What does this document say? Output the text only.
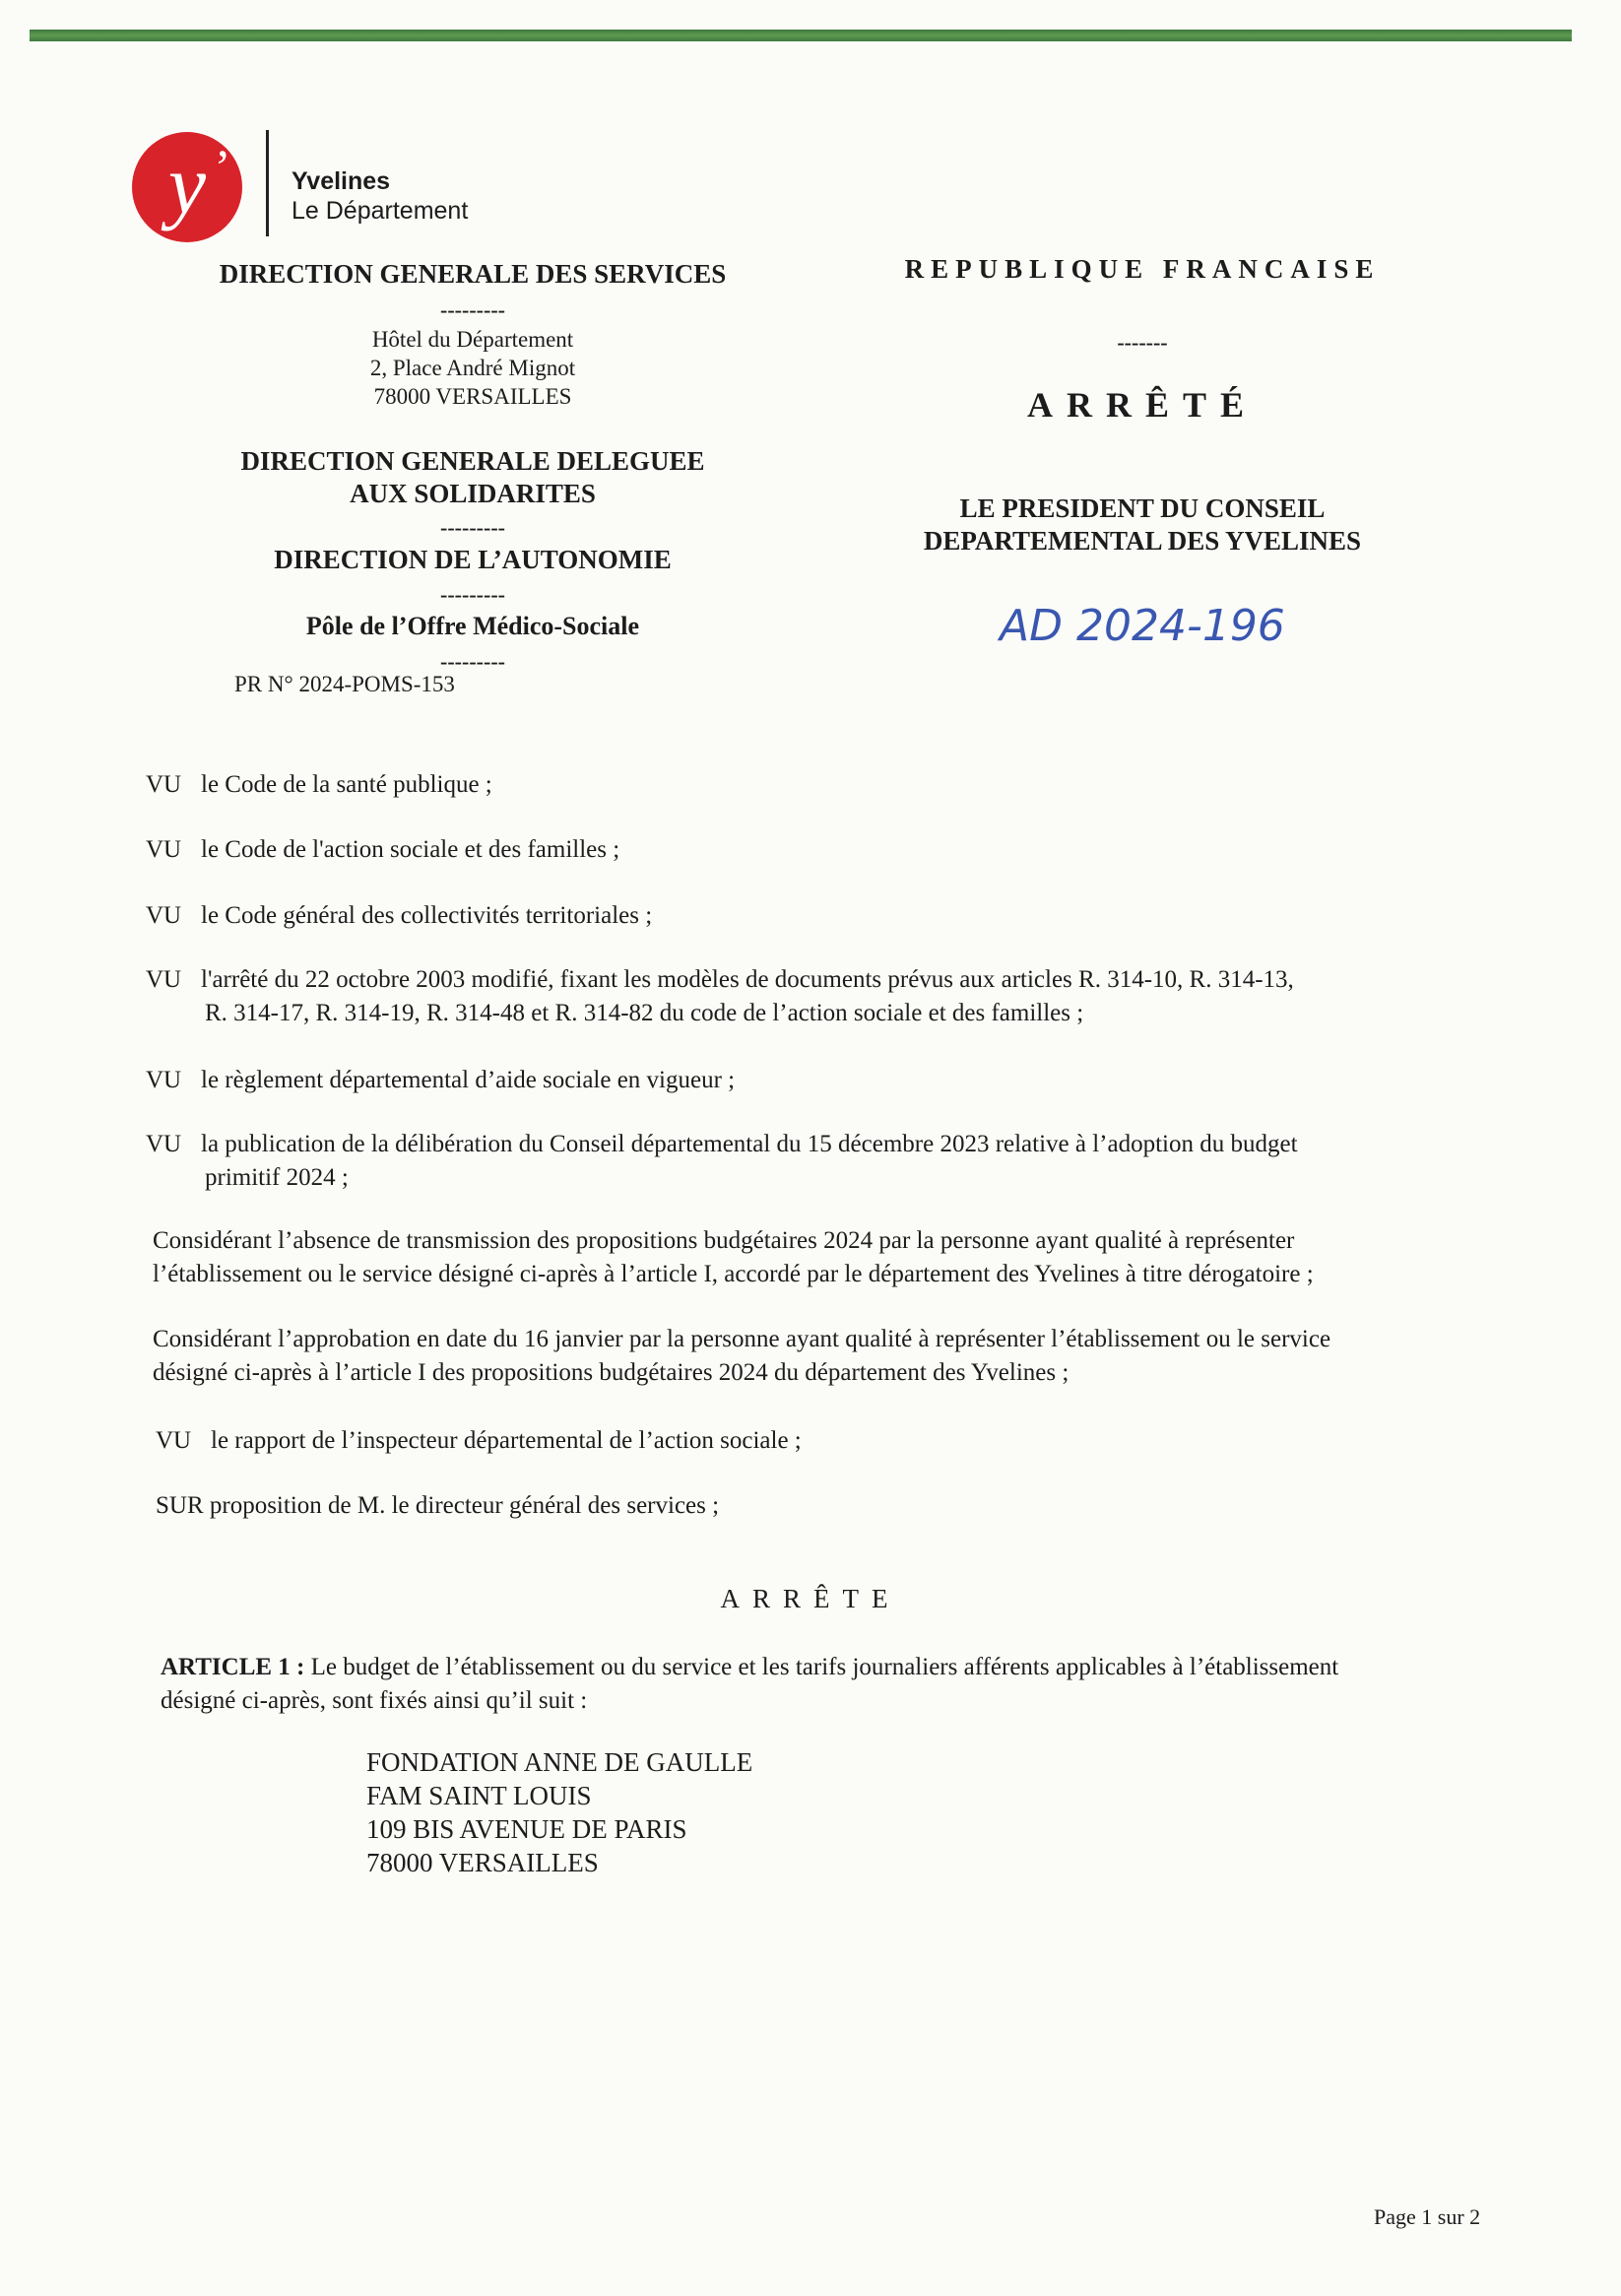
y ’ Yvelines
Le Département
DIRECTION GENERALE DES SERVICES
---------
Hôtel du Département
2, Place André Mignot
78000 VERSAILLES
DIRECTION GENERALE DELEGUEE
AUX SOLIDARITES
---------
DIRECTION DE L’AUTONOMIE
---------
Pôle de l’Offre Médico-Sociale
---------
PR N° 2024-POMS-153
REPUBLIQUE FRANCAISE
-------
ARRÊTÉ
LE PRESIDENT DU CONSEIL
DEPARTEMENTAL DES YVELINES
AD 2024-196
VU le Code de la santé publique ;
VU le Code de l'action sociale et des familles ;
VU le Code général des collectivités territoriales ;
VU l'arrêté du 22 octobre 2003 modifié, fixant les modèles de documents prévus aux articles R. 314-10, R. 314-13,
R. 314-17, R. 314-19, R. 314-48 et R. 314-82 du code de l’action sociale et des familles ;
VU le règlement départemental d’aide sociale en vigueur ;
VU la publication de la délibération du Conseil départemental du 15 décembre 2023 relative à l’adoption du budget
primitif 2024 ;
Considérant l’absence de transmission des propositions budgétaires 2024 par la personne ayant qualité à représenter
l’établissement ou le service désigné ci-après à l’article I, accordé par le département des Yvelines à titre dérogatoire ;
Considérant l’approbation en date du 16 janvier par la personne ayant qualité à représenter l’établissement ou le service
désigné ci-après à l’article I des propositions budgétaires 2024 du département des Yvelines ;
VU le rapport de l’inspecteur départemental de l’action sociale ;
SUR proposition de M. le directeur général des services ;
ARRÊTE
ARTICLE 1 : Le budget de l’établissement ou du service et les tarifs journaliers afférents applicables à l’établissement
désigné ci-après, sont fixés ainsi qu’il suit :
FONDATION ANNE DE GAULLE
FAM SAINT LOUIS
109 BIS AVENUE DE PARIS
78000 VERSAILLES
Page 1 sur 2
